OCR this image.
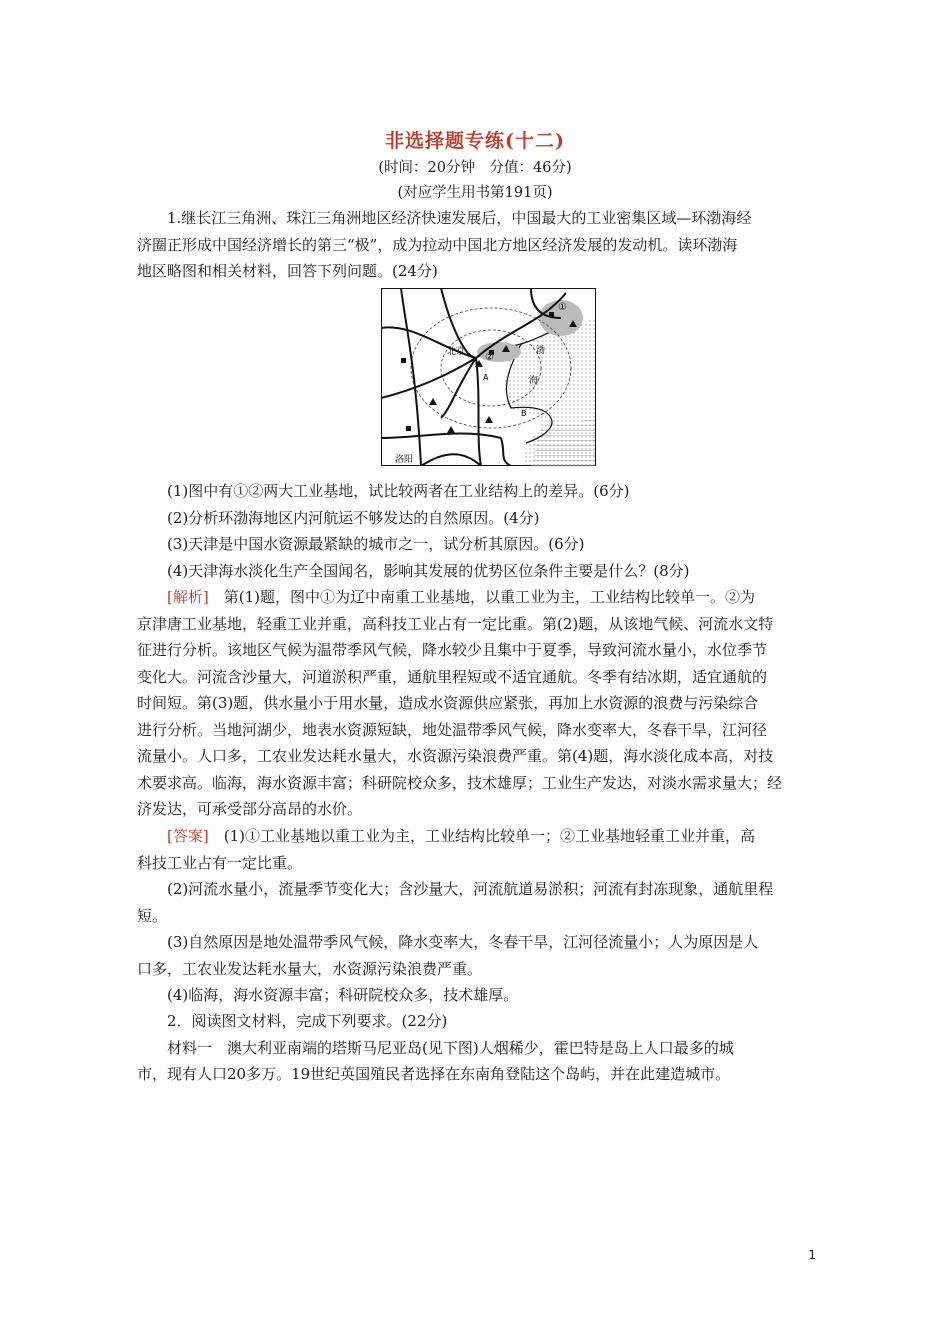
非选择题专练(十二)
(时间：20分钟　分值：46分)
(对应学生用书第191页)
1.继长江三角洲、珠江三角洲地区经济快速发展后，中国最大的工业密集区域—环渤海经
济圈正形成中国经济增长的第三“极”，成为拉动中国北方地区经济发展的发动机。读环渤海
地区略图和相关材料，回答下列问题。(24分)
北京
①
②
A
B
渤
海
洛阳
(1)图中有①②两大工业基地，试比较两者在工业结构上的差异。(6分)
(2)分析环渤海地区内河航运不够发达的自然原因。(4分)
(3)天津是中国水资源最紧缺的城市之一，试分析其原因。(6分)
(4)天津海水淡化生产全国闻名，影响其发展的优势区位条件主要是什么？(8分)
[解析]　第(1)题，图中①为辽中南重工业基地，以重工业为主，工业结构比较单一。②为
京津唐工业基地，轻重工业并重，高科技工业占有一定比重。第(2)题，从该地气候、河流水文特
征进行分析。该地区气候为温带季风气候，降水较少且集中于夏季，导致河流水量小，水位季节
变化大。河流含沙量大，河道淤积严重，通航里程短或不适宜通航。冬季有结冰期，适宜通航的
时间短。第(3)题，供水量小于用水量，造成水资源供应紧张，再加上水资源的浪费与污染综合
进行分析。当地河湖少，地表水资源短缺，地处温带季风气候，降水变率大，冬春干旱，江河径
流量小。人口多，工农业发达耗水量大，水资源污染浪费严重。第(4)题，海水淡化成本高，对技
术要求高。临海，海水资源丰富；科研院校众多，技术雄厚；工业生产发达，对淡水需求量大；经
济发达，可承受部分高昂的水价。
[答案]　(1)①工业基地以重工业为主，工业结构比较单一；②工业基地轻重工业并重，高
科技工业占有一定比重。
(2)河流水量小，流量季节变化大；含沙量大，河流航道易淤积；河流有封冻现象，通航里程
短。
(3)自然原因是地处温带季风气候，降水变率大，冬春干旱，江河径流量小；人为原因是人
口多，工农业发达耗水量大，水资源污染浪费严重。
(4)临海，海水资源丰富；科研院校众多，技术雄厚。
2．阅读图文材料，完成下列要求。(22分)
材料一　澳大利亚南端的塔斯马尼亚岛(见下图)人烟稀少，霍巴特是岛上人口最多的城
市，现有人口20多万。19世纪英国殖民者选择在东南角登陆这个岛屿，并在此建造城市。
1
